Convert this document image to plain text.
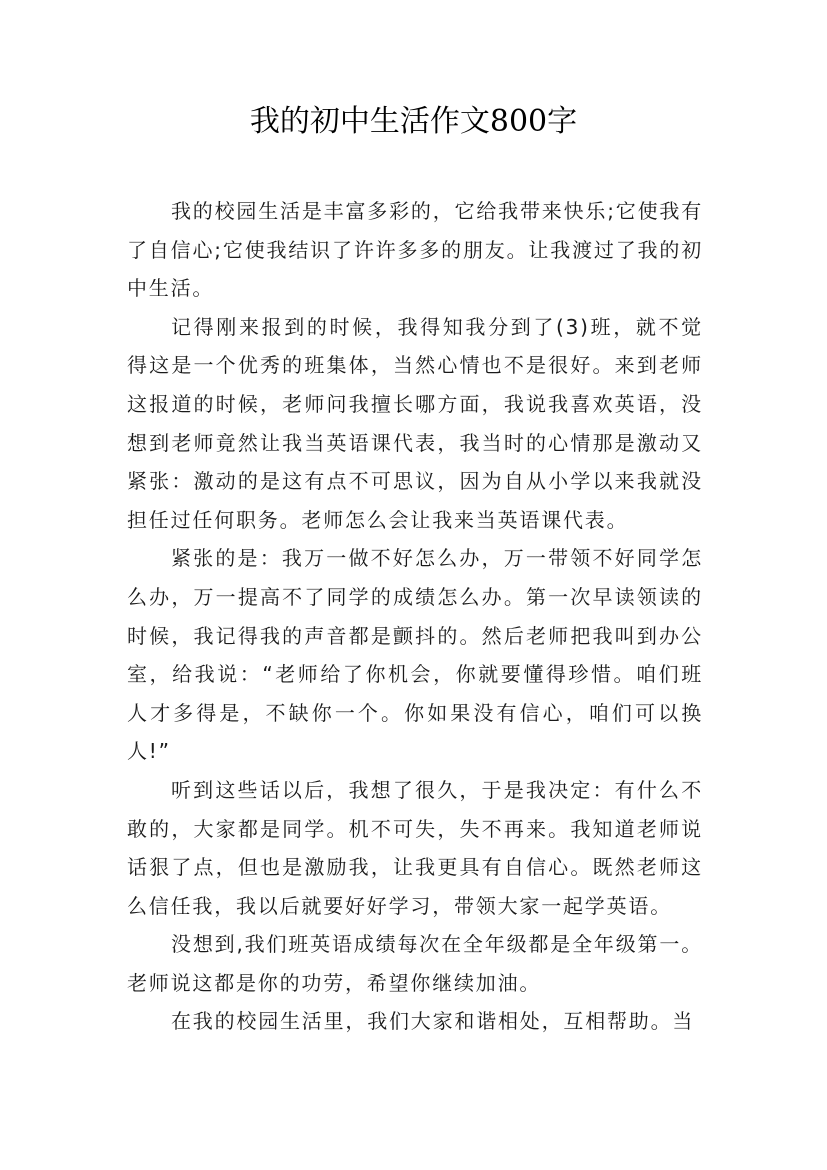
我的初中生活作文800字

我的校园生活是丰富多彩的，它给我带来快乐;它使我有了自信心;它使我结识了许许多多的朋友。让我渡过了我的初中生活。

记得刚来报到的时候，我得知我分到了(3)班，就不觉得这是一个优秀的班集体，当然心情也不是很好。来到老师这报道的时候，老师问我擅长哪方面，我说我喜欢英语，没想到老师竟然让我当英语课代表，我当时的心情那是激动又紧张：激动的是这有点不可思议，因为自从小学以来我就没担任过任何职务。老师怎么会让我来当英语课代表。

紧张的是：我万一做不好怎么办，万一带领不好同学怎么办，万一提高不了同学的成绩怎么办。第一次早读领读的时候，我记得我的声音都是颤抖的。然后老师把我叫到办公室，给我说：“老师给了你机会，你就要懂得珍惜。咱们班人才多得是，不缺你一个。你如果没有信心，咱们可以换人!”

听到这些话以后，我想了很久，于是我决定：有什么不敢的，大家都是同学。机不可失，失不再来。我知道老师说话狠了点，但也是激励我，让我更具有自信心。既然老师这么信任我，我以后就要好好学习，带领大家一起学英语。

没想到,我们班英语成绩每次在全年级都是全年级第一。老师说这都是你的功劳，希望你继续加油。

在我的校园生活里，我们大家和谐相处，互相帮助。当
